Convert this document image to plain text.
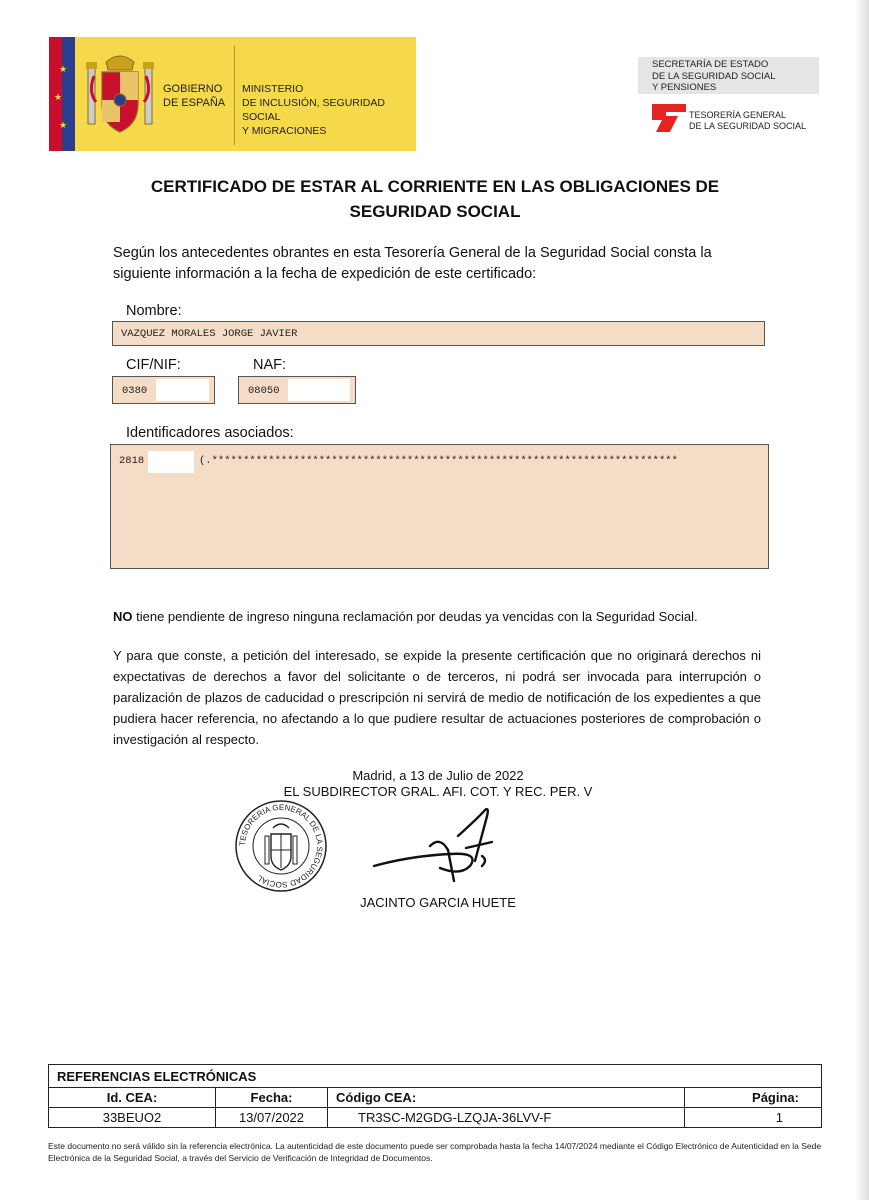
★
★
★
GOBIERNO DE ESPAÑA
MINISTERIO
DE INCLUSIÓN, SEGURIDAD SOCIAL
Y MIGRACIONES
SECRETARÍA DE ESTADO
DE LA SEGURIDAD SOCIAL
Y PENSIONES
TESORERÍA GENERAL
DE LA SEGURIDAD SOCIAL
CERTIFICADO DE ESTAR AL CORRIENTE EN LAS OBLIGACIONES DE SEGURIDAD SOCIAL
Según los antecedentes obrantes en esta Tesorería General de la Seguridad Social consta la siguiente información a la fecha de expedición de este certificado:
Nombre:
VAZQUEZ MORALES JORGE JAVIER
CIF/NIF:	NAF:
0380	08050
Identificadores asociados:
2818	(.**************************************************************************
NO tiene pendiente de ingreso ninguna reclamación por deudas ya vencidas con la Seguridad Social.
Y para que conste, a petición del interesado, se expide la presente certificación que no originará derechos ni expectativas de derechos a favor del solicitante o de terceros, ni podrá ser invocada para interrupción o paralización de plazos de caducidad o prescripción ni servirá de medio de notificación de los expedientes a que pudiera hacer referencia, no afectando a lo que pudiere resultar de actuaciones posteriores de comprobación o investigación al respecto.
Madrid, a 13 de Julio de 2022
EL SUBDIRECTOR GRAL. AFI. COT. Y REC. PER. V
TESORERIA GENERAL DE LA SEGURIDAD SOCIAL
JACINTO GARCIA HUETE
REFERENCIAS ELECTRÓNICAS			
Id. CEA:	Fecha:	Código CEA:	Página:
33BEUO2	13/07/2022	TR3SC-M2GDG-LZQJA-36LVV-F	1
Este documento no será válido sin la referencia electrónica. La autenticidad de este documento puede ser comprobada hasta la fecha 14/07/2024 mediante el Código Electrónico de Autenticidad en la Sede Electrónica de la Seguridad Social, a través del Servicio de Verificación de Integridad de Documentos.
